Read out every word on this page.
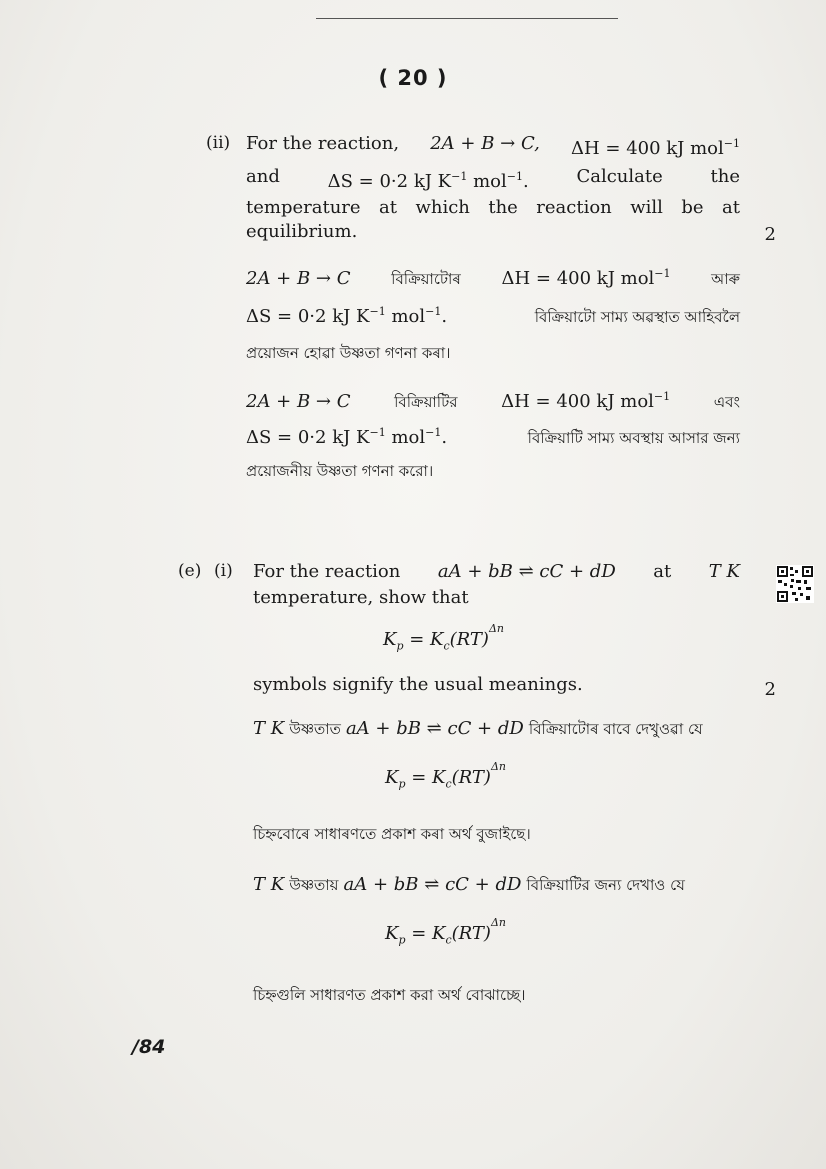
( 20 )
(ii) For the reaction, 2A + B → C, ΔH = 400 kJ mol$^{-1}$
and	ΔS = 0·2 kJ $K^{-1}$ mol$^{-1}$.	Calculate	the
temperature at which the reaction will be at
equilibrium.	2
2A + B → C	বিক্ৰিয়াটোৰ ΔH = 400 kJ mol$^{-1}$	আৰু
ΔS = 0·2 kJ $K^{-1}$ mol$^{-1}$.	বিক্ৰিয়াটো সাম্য অৱস্থাত আহিবলৈ
প্ৰয়োজন হোৱা উষ্ণতা গণনা কৰা।
2A + B → C	বিক্রিয়াটির ΔH = 400 kJ mol$^{-1}$	এবং
ΔS = 0·2 kJ $K^{-1}$ mol$^{-1}$.	বিক্রিয়াটি সাম্য অবস্থায় আসার জন্য
প্রয়োজনীয় উষ্ণতা গণনা করো।
(e) (i) For the reaction aA + bB ⇌ cC + dD at T K
temperature, show that
$K_p = K_c(RT)^{\Delta n}$
symbols signify the usual meanings.	2
T K উষ্ণতাত aA + bB ⇌ cC + dD বিক্ৰিয়াটোৰ বাবে দেখুওৱা যে
$K_p = K_c(RT)^{\Delta n}$
চিহ্নবোৰে সাধাৰণতে প্ৰকাশ কৰা অৰ্থ বুজাইছে।
T K উষ্ণতায় aA + bB ⇌ cC + dD বিক্রিয়াটির জন্য দেখাও যে
$K_p = K_c(RT)^{\Delta n}$
চিহ্নগুলি সাধারণত প্রকাশ করা অর্থ বোঝাচ্ছে।
/84
